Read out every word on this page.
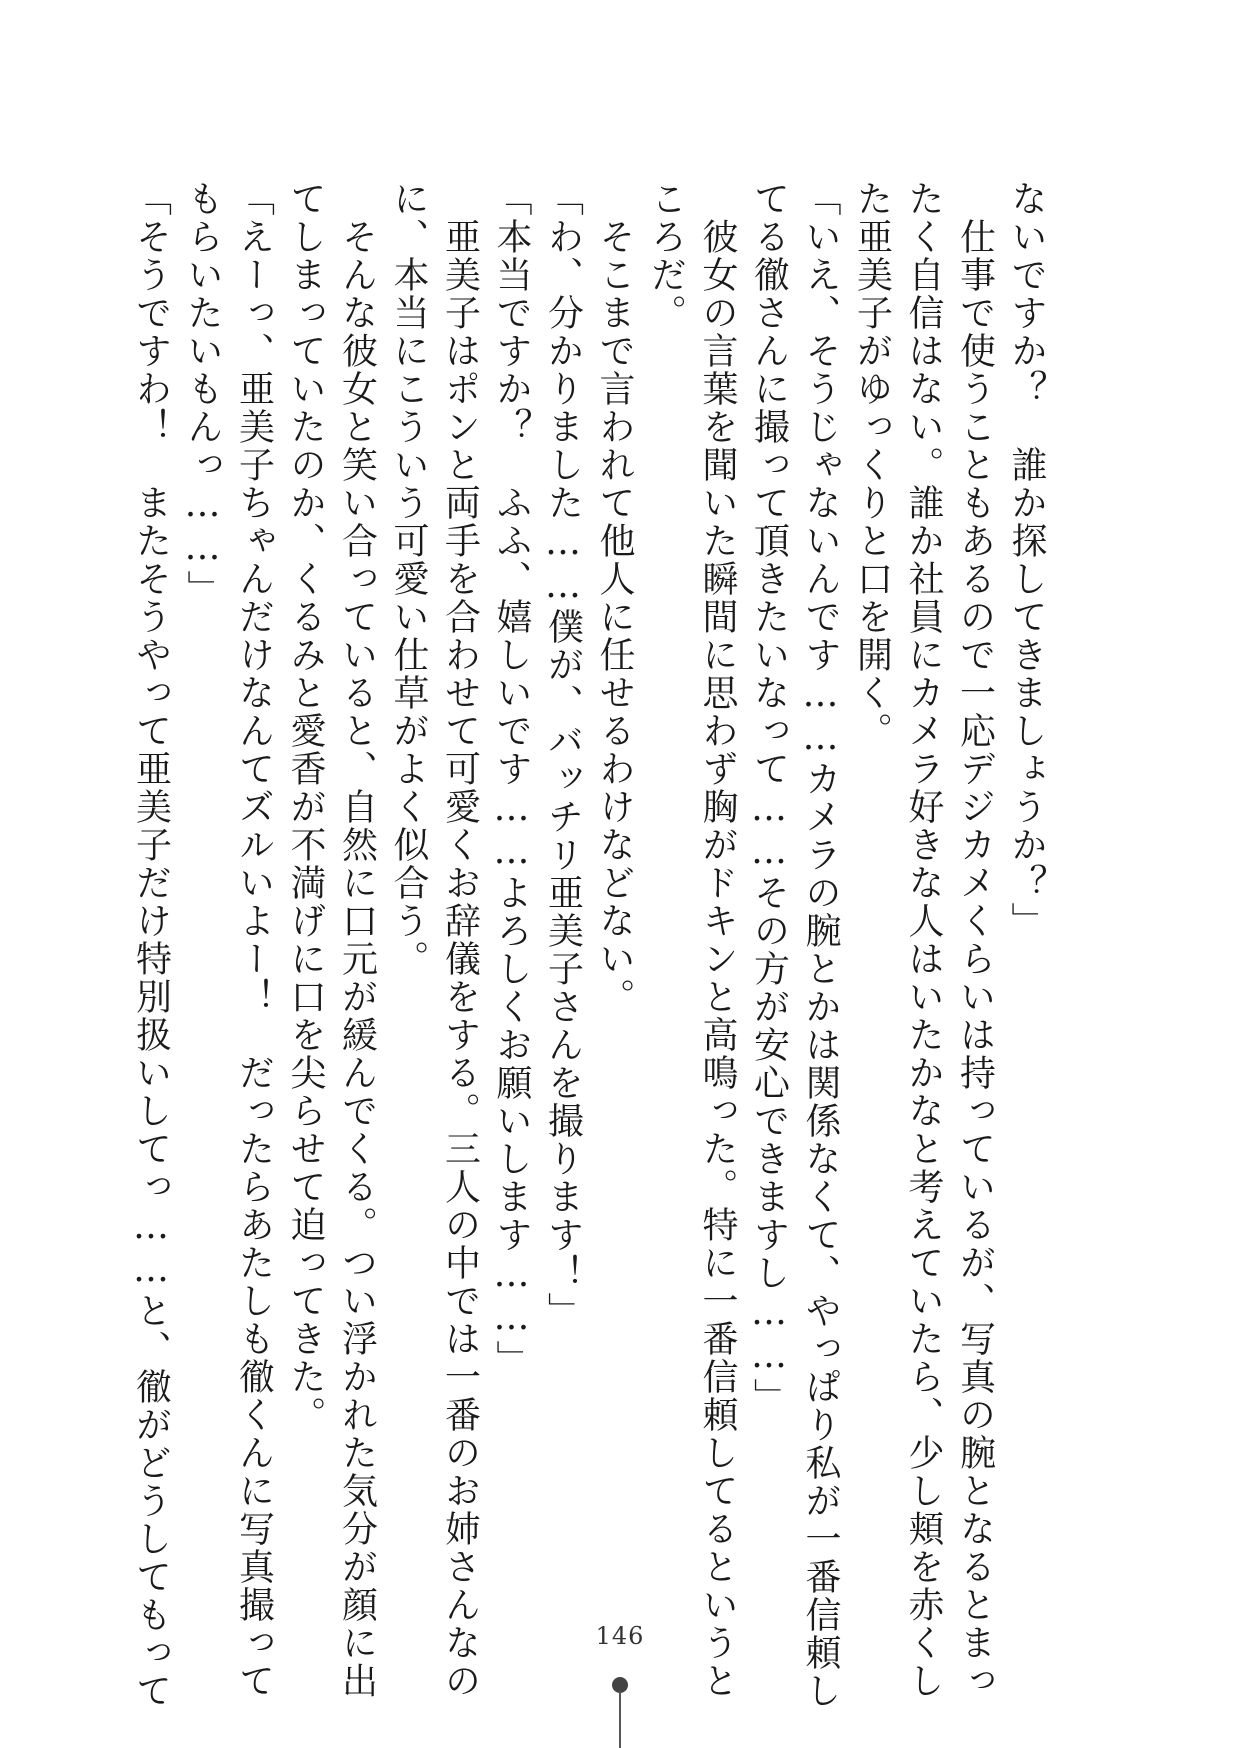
ないですか？　誰か探してきましょうか？」

　仕事で使うこともあるので一応デジカメくらいは持っているが、写真の腕となるとまっ

たく自信はない。誰か社員にカメラ好きな人はいたかなと考えていたら、少し頬を赤くし

た亜美子がゆっくりと口を開く。

「いえ、そうじゃないんです……カメラの腕とかは関係なくて、やっぱり私が一番信頼し

てる徹さんに撮って頂きたいなって……その方が安心できますし……」

　彼女の言葉を聞いた瞬間に思わず胸がドキンと高鳴った。特に一番信頼してるというと

ころだ。

　そこまで言われて他人に任せるわけなどない。

「わ、分かりました……僕が、バッチリ亜美子さんを撮ります！」

「本当ですか？　ふふ、嬉しいです……よろしくお願いします……」

　亜美子はポンと両手を合わせて可愛くお辞儀をする。三人の中では一番のお姉さんなの

に、本当にこういう可愛い仕草がよく似合う。

　そんな彼女と笑い合っていると、自然に口元が緩んでくる。つい浮かれた気分が顔に出

てしまっていたのか、くるみと愛香が不満げに口を尖らせて迫ってきた。

「えーっ、亜美子ちゃんだけなんてズルいよー！　だったらあたしも徹くんに写真撮って

もらいたいもんっ……」

「そうですわ！　またそうやって亜美子だけ特別扱いしてっ……と、徹がどうしてもって	146
